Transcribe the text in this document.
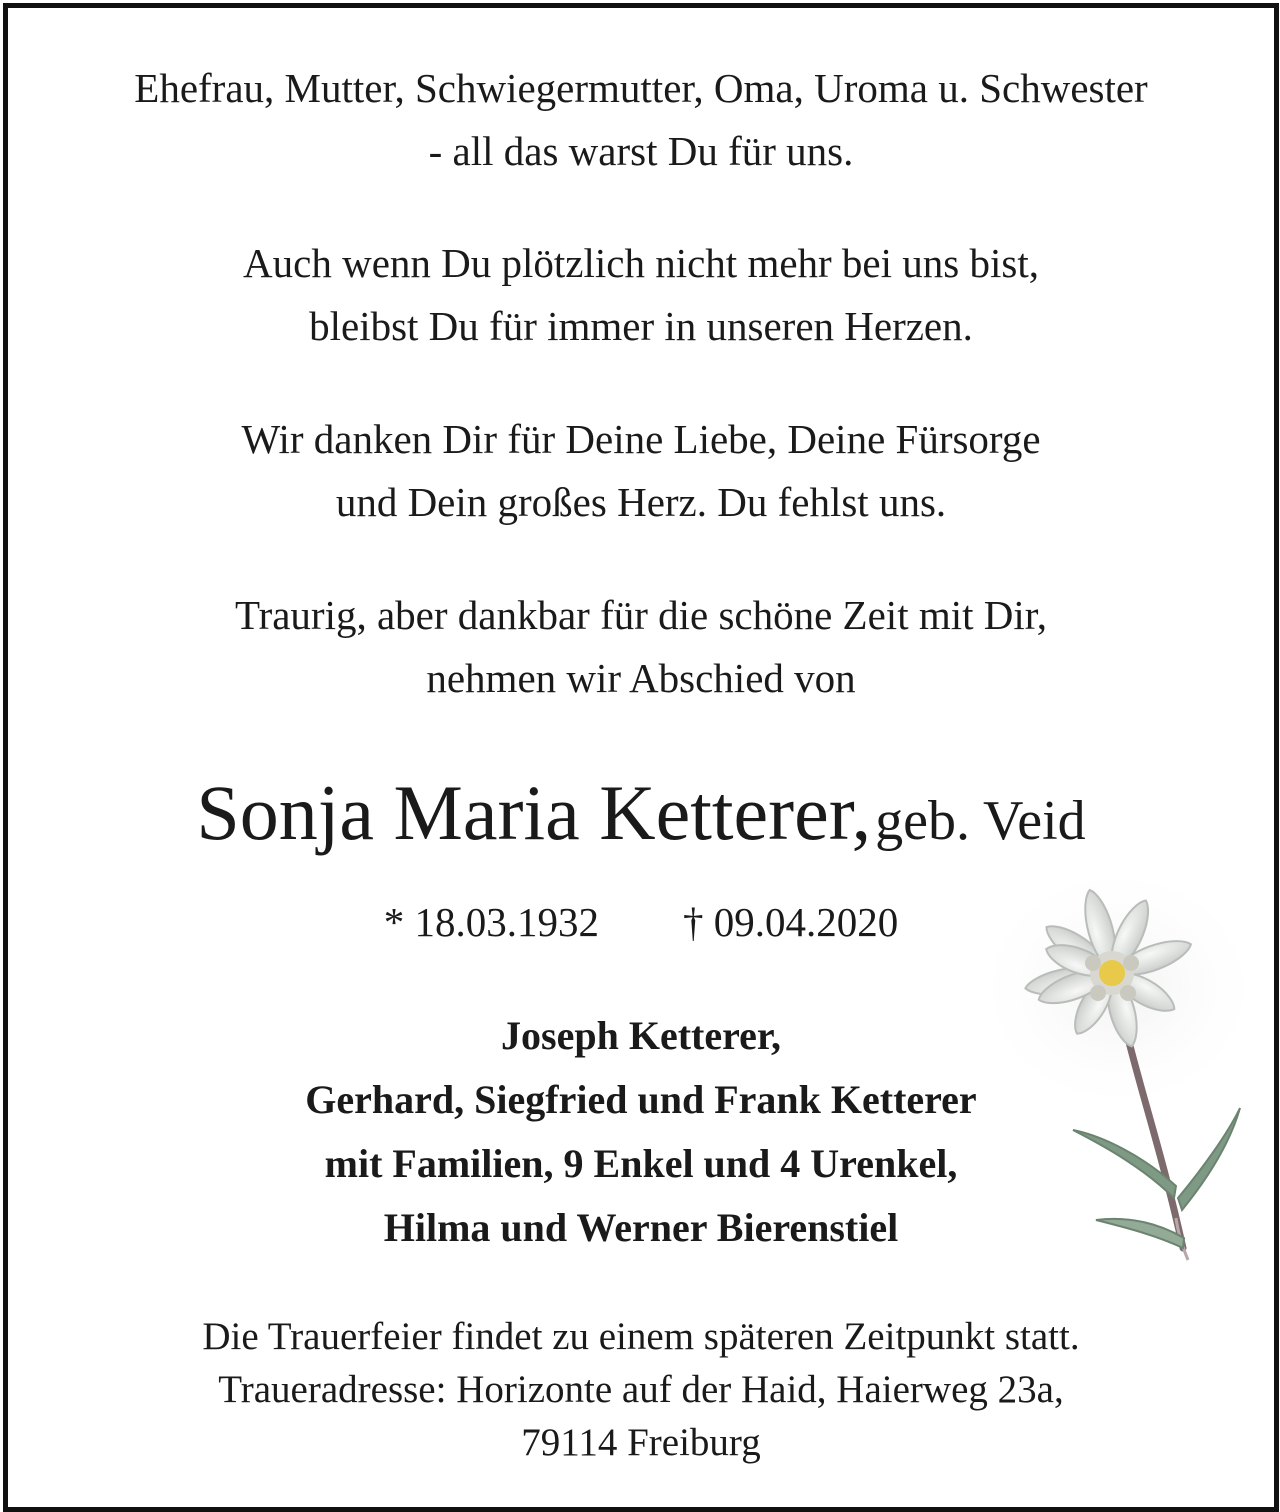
Ehefrau, Mutter, Schwiegermutter, Oma, Uroma u. Schwester
- all das warst Du für uns.
Auch wenn Du plötzlich nicht mehr bei uns bist,
bleibst Du für immer in unseren Herzen.
Wir danken Dir für Deine Liebe, Deine Fürsorge
und Dein großes Herz. Du fehlst uns.
Traurig, aber dankbar für die schöne Zeit mit Dir,
nehmen wir Abschied von
Sonja Maria Ketterer, geb. Veid
* 18.03.1932 † 09.04.2020
Joseph Ketterer,
Gerhard, Siegfried und Frank Ketterer
mit Familien, 9 Enkel und 4 Urenkel,
Hilma und Werner Bierenstiel
Die Trauerfeier findet zu einem späteren Zeitpunkt statt.
Traueradresse: Horizonte auf der Haid, Haierweg 23a,
79114 Freiburg
